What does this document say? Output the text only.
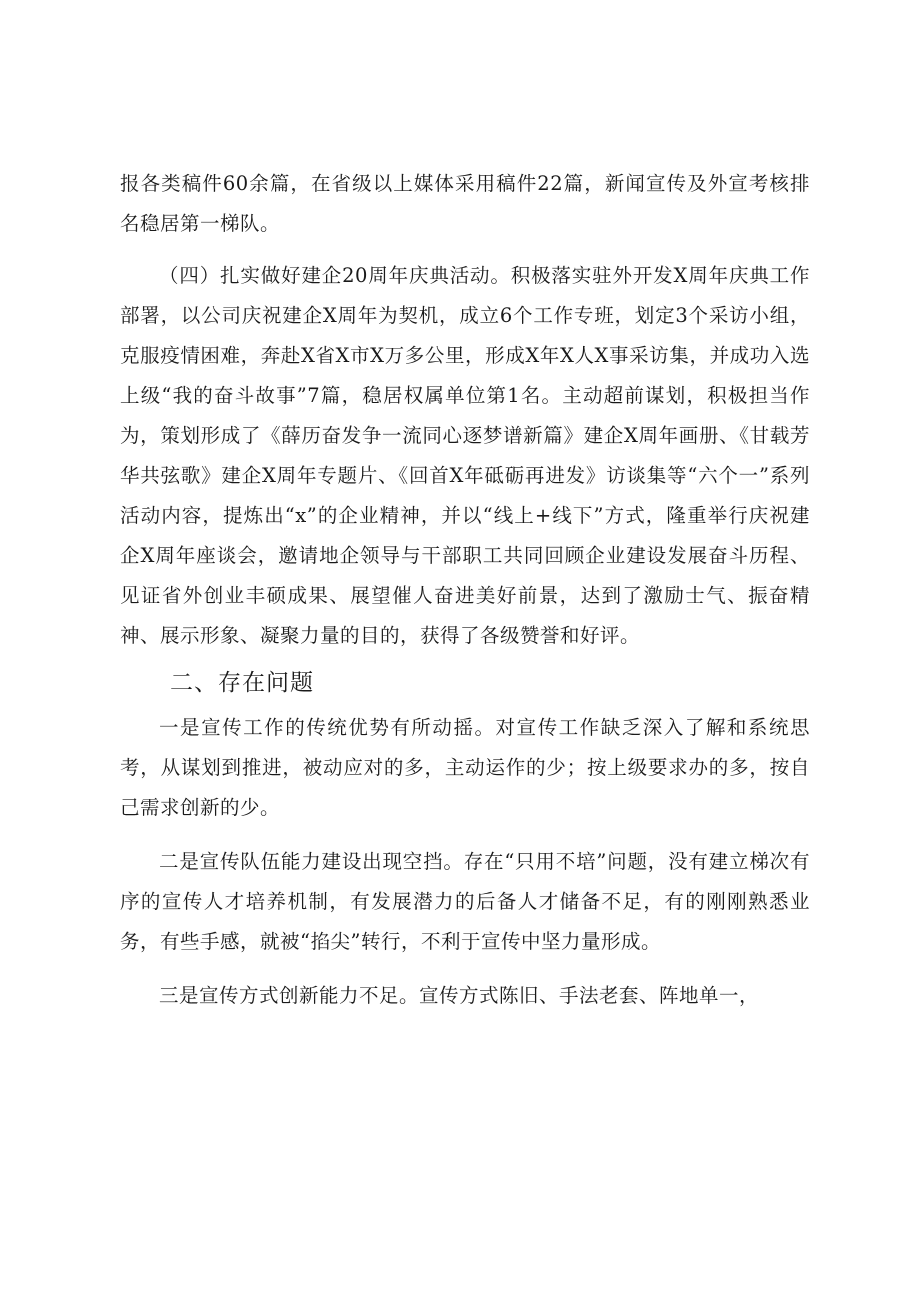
报各类稿件60余篇，在省级以上媒体采用稿件22篇，新闻宣传及外宣考核排名稳居第一梯队。

（四）扎实做好建企20周年庆典活动。积极落实驻外开发X周年庆典工作部署，以公司庆祝建企X周年为契机，成立6个工作专班，划定3个采访小组，克服疫情困难，奔赴X省X市X万多公里，形成X年X人X事采访集，并成功入选上级“我的奋斗故事”7篇，稳居权属单位第1名。主动超前谋划，积极担当作为，策划形成了《薛历奋发争一流同心逐梦谱新篇》建企X周年画册、《甘载芳华共弦歌》建企X周年专题片、《回首X年砥砺再进发》访谈集等“六个一”系列活动内容，提炼出“x”的企业精神，并以“线上+线下”方式，隆重举行庆祝建企X周年座谈会，邀请地企领导与干部职工共同回顾企业建设发展奋斗历程、见证省外创业丰硕成果、展望催人奋进美好前景，达到了激励士气、振奋精神、展示形象、凝聚力量的目的，获得了各级赞誉和好评。

二、存在问题

一是宣传工作的传统优势有所动摇。对宣传工作缺乏深入了解和系统思考，从谋划到推进，被动应对的多，主动运作的少；按上级要求办的多，按自己需求创新的少。

二是宣传队伍能力建设出现空挡。存在“只用不培”问题，没有建立梯次有序的宣传人才培养机制，有发展潜力的后备人才储备不足，有的刚刚熟悉业务，有些手感，就被“掐尖”转行，不利于宣传中坚力量形成。

三是宣传方式创新能力不足。宣传方式陈旧、手法老套、阵地单一，
